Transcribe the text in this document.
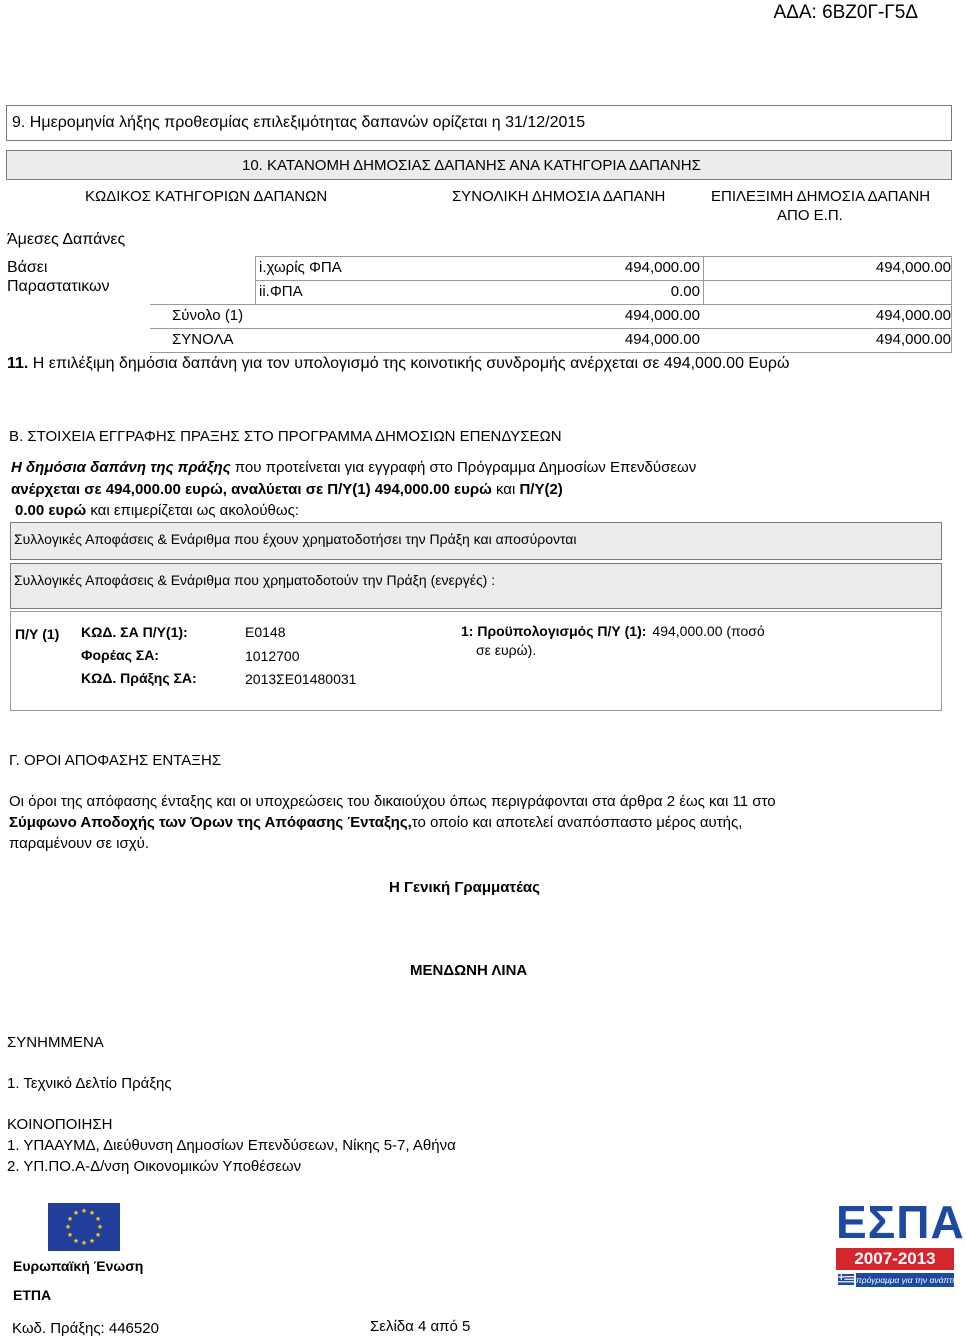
ΑΔΑ: 6ΒΖ0Γ-Γ5Δ
9. Ημερομηνία λήξης προθεσμίας επιλεξιμότητας δαπανών ορίζεται η 31/12/2015
10. ΚΑΤΑΝΟΜΗ ΔΗΜΟΣΙΑΣ ΔΑΠΑΝΗΣ ΑΝΑ ΚΑΤΗΓΟΡΙΑ ΔΑΠΑΝΗΣ
ΚΩΔΙΚΟΣ ΚΑΤΗΓΟΡΙΩΝ ΔΑΠΑΝΩΝ	ΣΥΝΟΛΙΚΗ ΔΗΜΟΣΙΑ ΔΑΠΑΝΗ	ΕΠΙΛΕΞΙΜΗ ΔΗΜΟΣΙΑ ΔΑΠΑΝΗ
ΑΠΟ Ε.Π.
Άμεσες Δαπάνες
Βάσει
Παραστατικων
i.χωρίς ΦΠΑ	494,000.00	494,000.00
ii.ΦΠΑ	0.00
Σύνολο (1)	494,000.00	494,000.00
ΣΥΝΟΛΑ	494,000.00	494,000.00
11. Η επιλέξιμη δημόσια δαπάνη για τον υπολογισμό της κοινοτικής συνδρομής ανέρχεται σε 494,000.00 Ευρώ
Β. ΣΤΟΙΧΕΙΑ ΕΓΓΡΑΦΗΣ ΠΡΑΞΗΣ ΣΤΟ ΠΡΟΓΡΑΜΜΑ ΔΗΜΟΣΙΩΝ ΕΠΕΝΔΥΣΕΩΝ
Η δημόσια δαπάνη της πράξης που προτείνεται για εγγραφή στο Πρόγραμμα Δημοσίων Επενδύσεων
ανέρχεται σε 494,000.00 ευρώ, αναλύεται σε Π/Υ(1) 494,000.00 ευρώ και Π/Υ(2)
0.00 ευρώ και επιμερίζεται ως ακολούθως:
Συλλογικές Αποφάσεις & Ενάριθμα που έχουν χρηματοδοτήσει την Πράξη και αποσύρονται
Συλλογικές Αποφάσεις & Ενάριθμα που χρηματοδοτούν την Πράξη (ενεργές) :
Π/Υ (1) ΚΩΔ. ΣΑ Π/Υ(1):	Ε0148
Φορέας ΣΑ:	1012700
ΚΩΔ. Πράξης ΣΑ:	2013ΣΕ01480031
1: Προϋπολογισμός Π/Υ (1): 494,000.00 (ποσό
σε ευρώ).
Γ. ΟΡΟΙ ΑΠΟΦΑΣΗΣ ΕΝΤΑΞΗΣ
Οι όροι της απόφασης ένταξης και οι υποχρεώσεις του δικαιούχου όπως περιγράφονται στα άρθρα 2 έως και 11 στο
Σύμφωνο Αποδοχής των Όρων της Απόφασης Ένταξης,το οποίο και αποτελεί αναπόσπαστο μέρος αυτής,
παραμένουν σε ισχύ.
Η Γενική Γραμματέας
ΜΕΝΔΩΝΗ ΛΙΝΑ
ΣΥΝΗΜΜΕΝΑ
1. Τεχνικό Δελτίο Πράξης
ΚΟΙΝΟΠΟΙΗΣΗ
1. ΥΠΑΑΥΜΔ, Διεύθυνση Δημοσίων Επενδύσεων, Νίκης 5-7, Αθήνα
2. ΥΠ.ΠΟ.Α-Δ/νση Οικονομικών Υποθέσεων
★ ★
★
★
★
★
★
★
★
★
★
★
Ευρωπαϊκή Ένωση
ΕΤΠΑ
ΕΣΠΑ
2007-2013
πρόγραμμα για την ανάπτυξη
Κωδ. Πράξης: 446520	Σελίδα 4 από 5
